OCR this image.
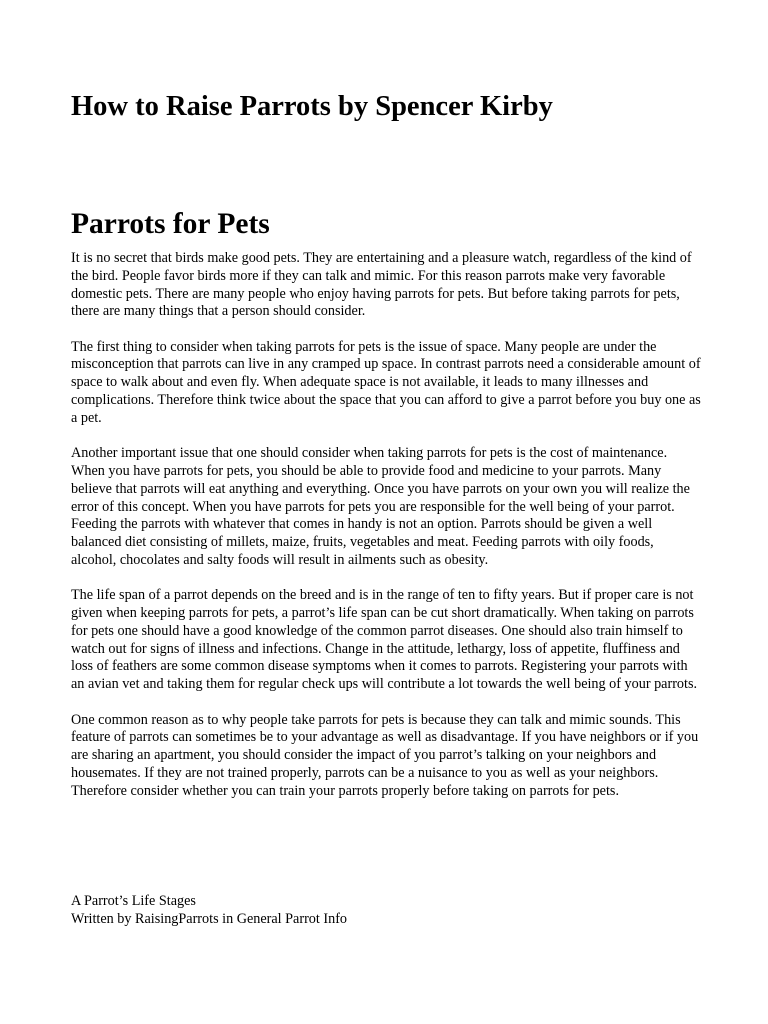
How to Raise Parrots by Spencer Kirby
Parrots for Pets

It is no secret that birds make good pets. They are entertaining and a pleasure watch, regardless of the kind of the bird. People favor birds more if they can talk and mimic. For this reason parrots make very favorable domestic pets. There are many people who enjoy having parrots for pets. But before taking parrots for pets, there are many things that a person should consider.

The first thing to consider when taking parrots for pets is the issue of space. Many people are under the misconception that parrots can live in any cramped up space. In contrast parrots need a considerable amount of space to walk about and even fly. When adequate space is not available, it leads to many illnesses and complications. Therefore think twice about the space that you can afford to give a parrot before you buy one as a pet.

Another important issue that one should consider when taking parrots for pets is the cost of maintenance. When you have parrots for pets, you should be able to provide food and medicine to your parrots. Many believe that parrots will eat anything and everything. Once you have parrots on your own you will realize the error of this concept. When you have parrots for pets you are responsible for the well being of your parrot. Feeding the parrots with whatever that comes in handy is not an option. Parrots should be given a well balanced diet consisting of millets, maize, fruits, vegetables and meat. Feeding parrots with oily foods, alcohol, chocolates and salty foods will result in ailments such as obesity.

The life span of a parrot depends on the breed and is in the range of ten to fifty years. But if proper care is not given when keeping parrots for pets, a parrot’s life span can be cut short dramatically. When taking on parrots for pets one should have a good knowledge of the common parrot diseases. One should also train himself to watch out for signs of illness and infections. Change in the attitude, lethargy, loss of appetite, fluffiness and loss of feathers are some common disease symptoms when it comes to parrots. Registering your parrots with an avian vet and taking them for regular check ups will contribute a lot towards the well being of your parrots.

One common reason as to why people take parrots for pets is because they can talk and mimic sounds. This feature of parrots can sometimes be to your advantage as well as disadvantage. If you have neighbors or if you are sharing an apartment, you should consider the impact of you parrot’s talking on your neighbors and housemates. If they are not trained properly, parrots can be a nuisance to you as well as your neighbors. Therefore consider whether you can train your parrots properly before taking on parrots for pets.

A Parrot’s Life Stages

Written by RaisingParrots in General Parrot Info
